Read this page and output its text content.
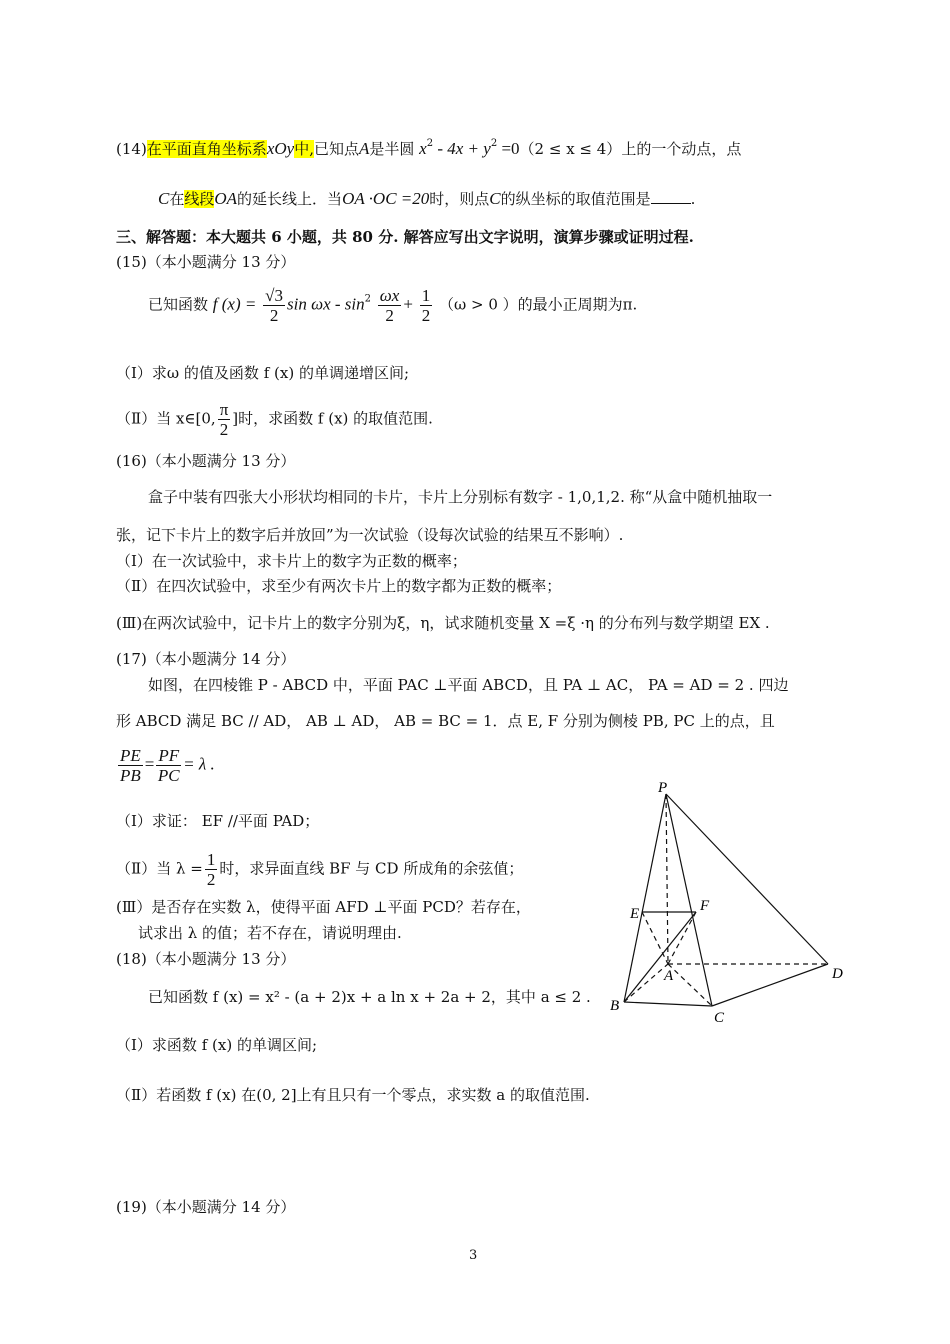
(14)在平面直角坐标系xOy中,已知点A是半圆 $x^2 - 4x + y^2 =0(2 \le x \le 4)$上的一个动点，点
C在线段OA的延长线上．当OA ·OC =20时，则点C的纵坐标的取值范围是	.
三、解答题：本大题共 6 小题，共 80 分. 解答应写出文字说明，演算步骤或证明过程.
(15)（本小题满分 13 分）
已知函数 f $(x) = \frac{√3}{2}$ $\sin \omega x - \sin^2 \frac{\omega x}{2} + \frac{1}{2} (\omega > 0$ ）的最小正周期为π.
（Ⅰ）求ω 的值及函数 f (x) 的单调递增区间;
（Ⅱ）当 x∈[0, $\frac{\pi}{2}$ ]时，求函数 f (x) 的取值范围.
(16)（本小题满分 13 分）
盒子中装有四张大小形状均相同的卡片，卡片上分别标有数字 - 1,0,1,2. 称“从盒中随机抽取一
张，记下卡片上的数字后并放回”为一次试验（设每次试验的结果互不影响）.
（Ⅰ）在一次试验中，求卡片上的数字为正数的概率；
（Ⅱ）在四次试验中，求至少有两次卡片上的数字都为正数的概率；
(Ⅲ)在两次试验中，记卡片上的数字分别为ξ，η，试求随机变量 X =ξ ·η 的分布列与数学期望 EX .
(17)（本小题满分 14 分）
如图，在四棱锥 P - ABCD 中，平面 PAC ⊥平面 ABCD，且 PA ⊥ AC， PA = AD = 2 . 四边
形 ABCD 满足 BC // AD， AB ⊥ AD， AB = BC = 1．点 E, F 分别为侧棱 PB, PC 上的点，且
$\frac{PE}{PB} = \frac{PF}{PC} = \lambda$ .
（Ⅰ）求证： EF //平面 PAD；
（Ⅱ）当 $\lambda = \frac{1}{2}$ 时，求异面直线 BF 与 CD 所成角的余弦值；
(Ⅲ）是否存在实数 λ，使得平面 AFD ⊥平面 PCD？若存在，
试求出 λ 的值；若不存在，请说明理由.
P
E	F
A	D
B
C
(18)（本小题满分 13 分）
已知函数 f (x) = x² - (a + 2)x + a ln x + 2a + 2，其中 a ≤ 2 .
（Ⅰ）求函数 f (x) 的单调区间;
（Ⅱ）若函数 f (x) 在(0, 2]上有且只有一个零点，求实数 a 的取值范围.
(19)（本小题满分 14 分）
3
